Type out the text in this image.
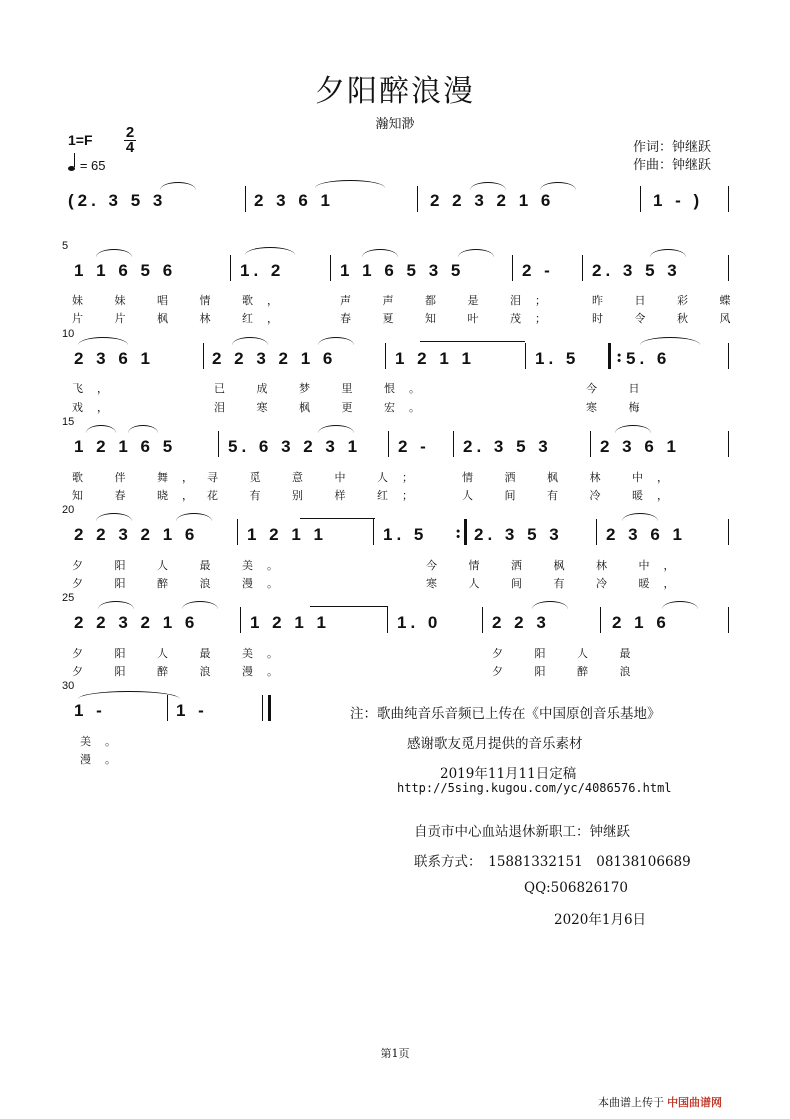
夕阳醉浪漫
瀚知渺
1=F 2
4
= 65
作词：钟继跃
作曲：钟继跃
(2. 3 5 3	2 3 6 1	2 2 3 2 1 6	1 - )
5
1 1 6 5 6	1. 2	1 1 6 5 3 5	2 - 2. 3 5 3
妹 妹 唱 情 歌，	声 声 都 是 泪；	昨 日 彩 蝶
片 片 枫 林 红，	春 夏 知 叶 茂；	时 令 秋 风
10
2 3 6 1	2 2 3 2 1 6	1 2 1 1	1. 5 : 5. 6
飞，	已 成 梦 里 恨。	今 日
戏，	泪 寒 枫 更 宏。	寒 梅
15
1 2 1 6 5	5. 6 3 2 3 1 2 - 2. 3 5 3	2 3 6 1
歌 伴 舞，寻 觅 意 中 人；	情 洒 枫 林 中，
知 春 晓，花 有 别 样 红；	人 间 有 冷 暖，
20
2 2 3 2 1 6	1 2 1 1	1. 5 : 2. 3 5 3	2 3 6 1
夕 阳 人 最 美。	今 情 洒 枫 林 中，
夕 阳 醉 浪 漫。	寒 人 间 有 冷 暖，
25
2 2 3 2 1 6	1 2 1 1	1. 0	2 2 3	2 1 6
夕 阳 人 最 美。	夕 阳 人 最
夕 阳 醉 浪 漫。	夕 阳 醉 浪
30
1 -	1 -
美。
漫。
注：歌曲纯音乐音频已上传在《中国原创音乐基地》
感谢歌友觅月提供的音乐素材
2019年11月11日定稿
http://5sing.kugou.com/yc/4086576.html
自贡市中心血站退休新职工：钟继跃
联系方式：　15881332151　08138106689
QQ:506826170
2020年1月6日
第1页
本曲谱上传于 中国曲谱网
